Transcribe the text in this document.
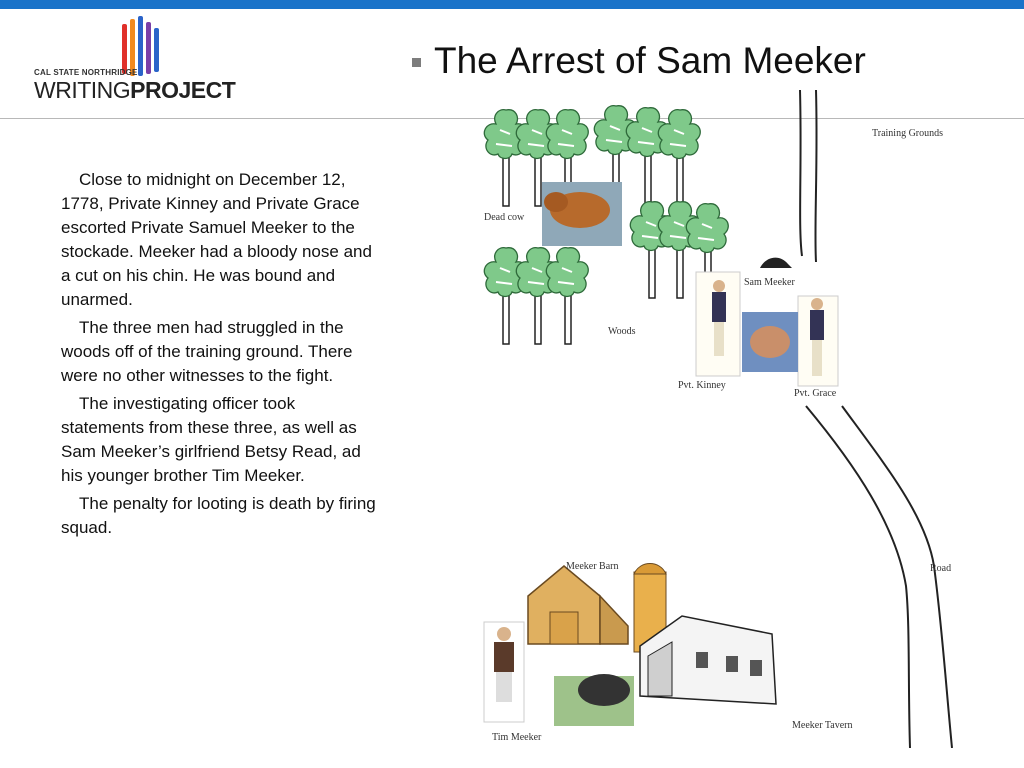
CAL STATE NORTHRIDGE
WRITINGPROJECT
The Arrest of Sam Meeker

Close to midnight on December 12, 1778, Private Kinney and Private Grace escorted Private Samuel Meeker to the stockade. Meeker had a bloody nose and a cut on his chin. He was bound and unarmed.

The three men had struggled in the woods off of the training ground. There were no other witnesses to the fight.

The investigating officer took statements from these three, as well as Sam Meeker’s girlfriend Betsy Read, ad his younger brother Tim Meeker.

The penalty for looting is death by firing squad.

Training Grounds
Dead cow
Sam Meeker
Woods
Pvt. Kinney
Pvt. Grace
Road
Meeker Barn
Tim Meeker
Meeker Tavern
